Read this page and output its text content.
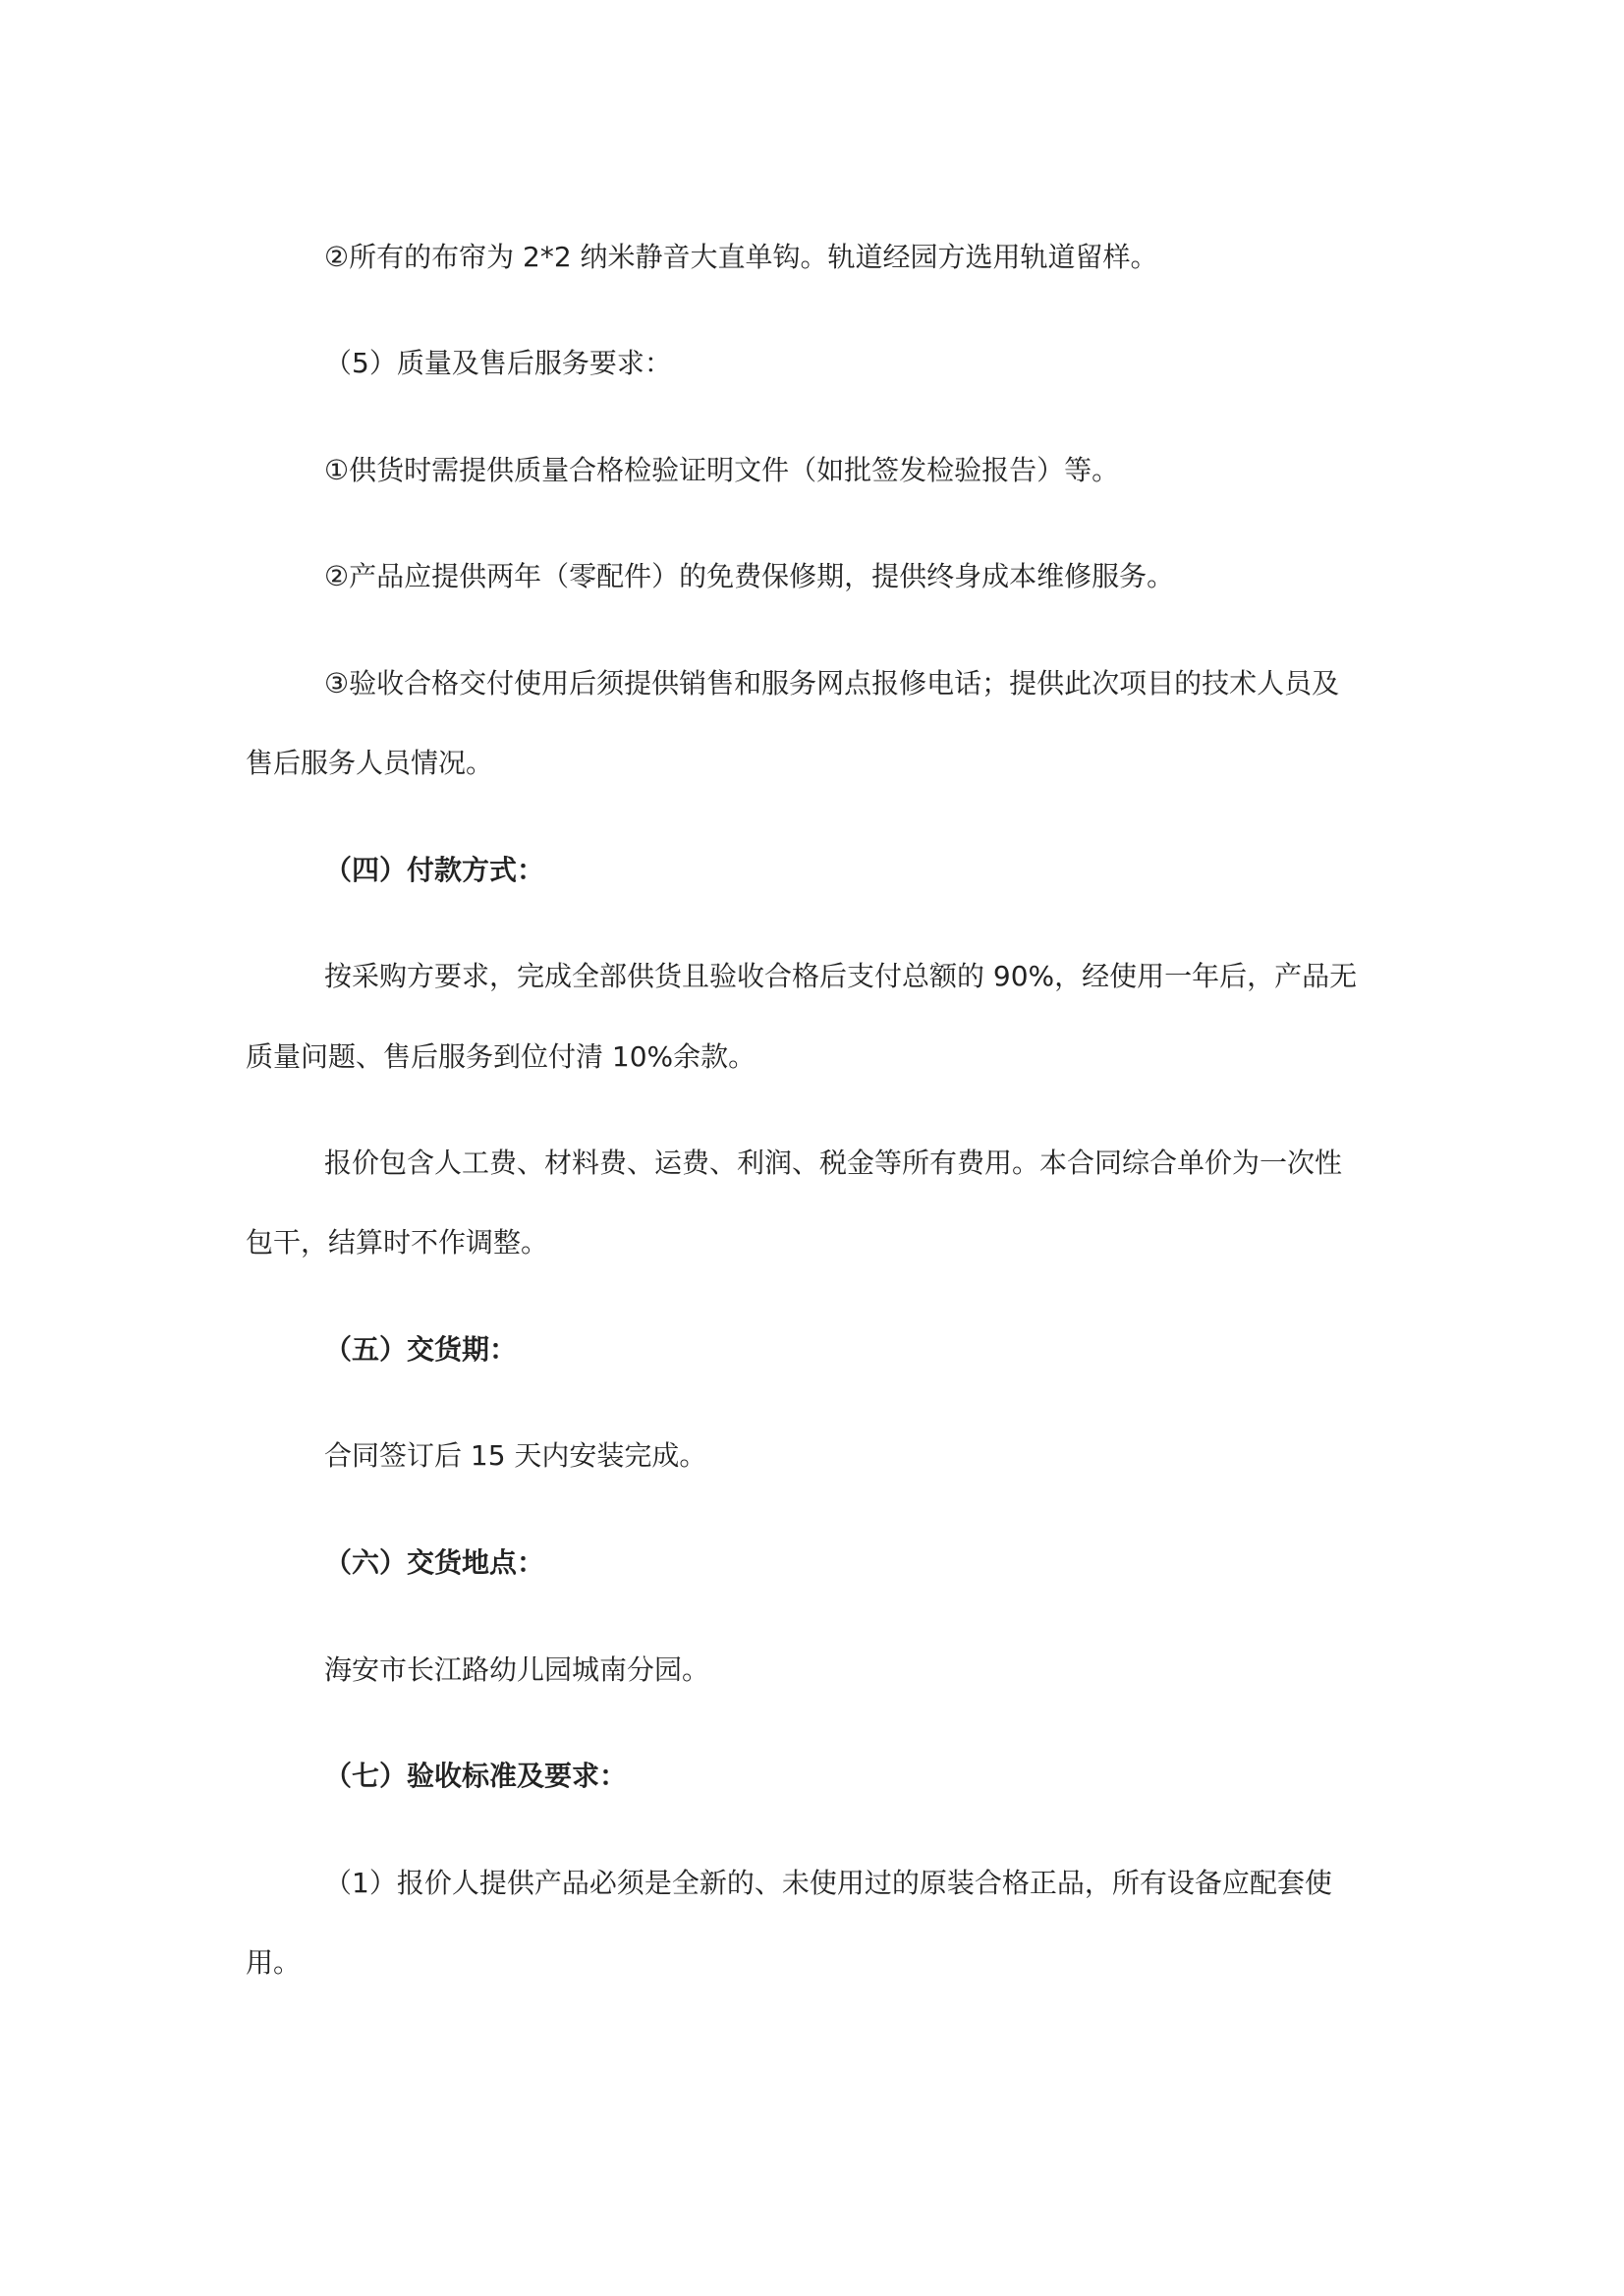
②所有的布帘为 2*2 纳米静音大直单钩。轨道经园方选用轨道留样。
（5）质量及售后服务要求：
①供货时需提供质量合格检验证明文件（如批签发检验报告）等。
②产品应提供两年（零配件）的免费保修期，提供终身成本维修服务。
③验收合格交付使用后须提供销售和服务网点报修电话；提供此次项目的技术人员及
售后服务人员情况。
（四）付款方式：
按采购方要求，完成全部供货且验收合格后支付总额的 90%，经使用一年后，产品无
质量问题、售后服务到位付清 10%余款。
报价包含人工费、材料费、运费、利润、税金等所有费用。本合同综合单价为一次性
包干，结算时不作调整。
（五）交货期：
合同签订后 15 天内安装完成。
（六）交货地点：
海安市长江路幼儿园城南分园。
（七）验收标准及要求：
（1）报价人提供产品必须是全新的、未使用过的原装合格正品，所有设备应配套使
用。
